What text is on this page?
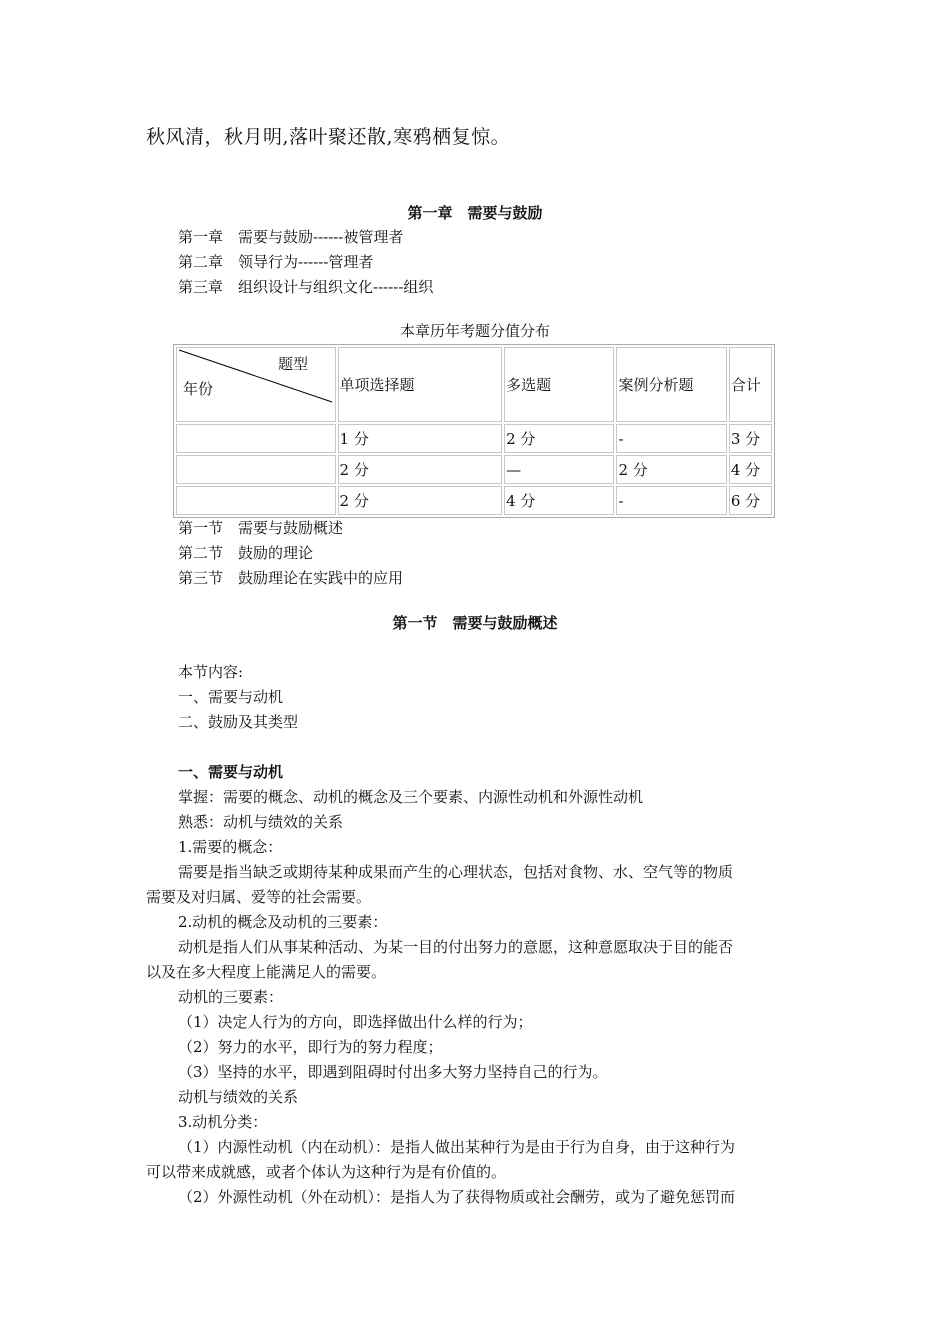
秋风清，秋月明,落叶聚还散,寒鸦栖复惊。
第一章　需要与鼓励
第一章　需要与鼓励------被管理者
第二章　领导行为------管理者
第三章　组织设计与组织文化------组织
本章历年考题分值分布
题型
年份	单项选择题	多选题	案例分析题	合计
	1 分	2 分	-	3 分
	2 分	—	2 分	4 分
	2 分	4 分	-	6 分
第一节　需要与鼓励概述
第二节　鼓励的理论
第三节　鼓励理论在实践中的应用
第一节　需要与鼓励概述
本节内容:
一、需要与动机
二、鼓励及其类型
一、需要与动机
掌握：需要的概念、动机的概念及三个要素、内源性动机和外源性动机
熟悉：动机与绩效的关系
1.需要的概念：
需要是指当缺乏或期待某种成果而产生的心理状态，包括对食物、水、空气等的物质
需要及对归属、爱等的社会需要。
2.动机的概念及动机的三要素：
动机是指人们从事某种活动、为某一目的付出努力的意愿，这种意愿取决于目的能否
以及在多大程度上能满足人的需要。
动机的三要素：
（1）决定人行为的方向，即选择做出什么样的行为；
（2）努力的水平，即行为的努力程度；
（3）坚持的水平，即遇到阻碍时付出多大努力坚持自己的行为。
动机与绩效的关系
3.动机分类：
（1）内源性动机（内在动机）：是指人做出某种行为是由于行为自身，由于这种行为
可以带来成就感，或者个体认为这种行为是有价值的。
（2）外源性动机（外在动机）：是指人为了获得物质或社会酬劳，或为了避免惩罚而
